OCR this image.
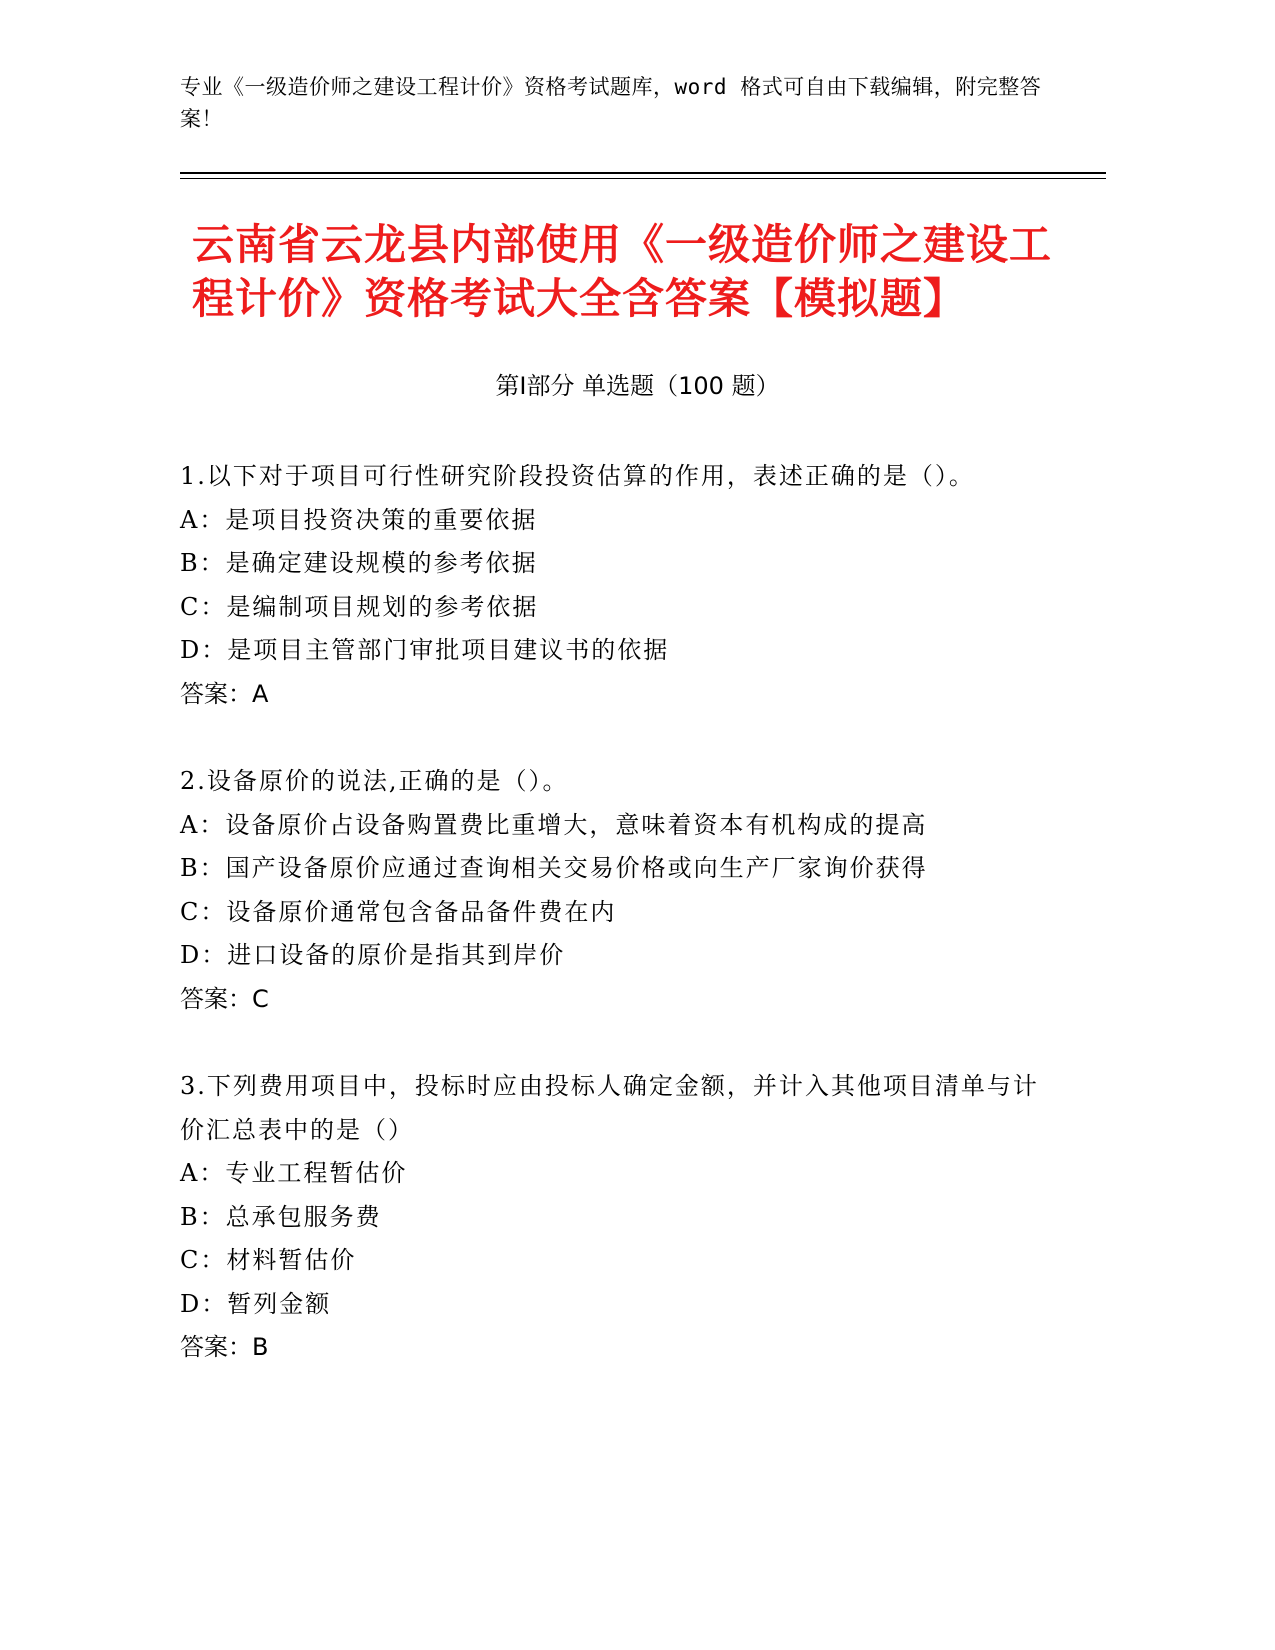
专业《一级造价师之建设工程计价》资格考试题库，word 格式可自由下载编辑，附完整答案！
云南省云龙县内部使用《一级造价师之建设工程计价》资格考试大全含答案【模拟题】
第Ⅰ部分 单选题（100 题）
1.以下对于项目可行性研究阶段投资估算的作用，表述正确的是（）。
A：是项目投资决策的重要依据
B：是确定建设规模的参考依据
C：是编制项目规划的参考依据
D：是项目主管部门审批项目建议书的依据
答案：A
2.设备原价的说法,正确的是（）。
A：设备原价占设备购置费比重增大，意味着资本有机构成的提高
B：国产设备原价应通过查询相关交易价格或向生产厂家询价获得
C：设备原价通常包含备品备件费在内
D：进口设备的原价是指其到岸价
答案：C
3.下列费用项目中，投标时应由投标人确定金额，并计入其他项目清单与计价汇总表中的是（）
A：专业工程暂估价
B：总承包服务费
C：材料暂估价
D：暂列金额
答案：B
